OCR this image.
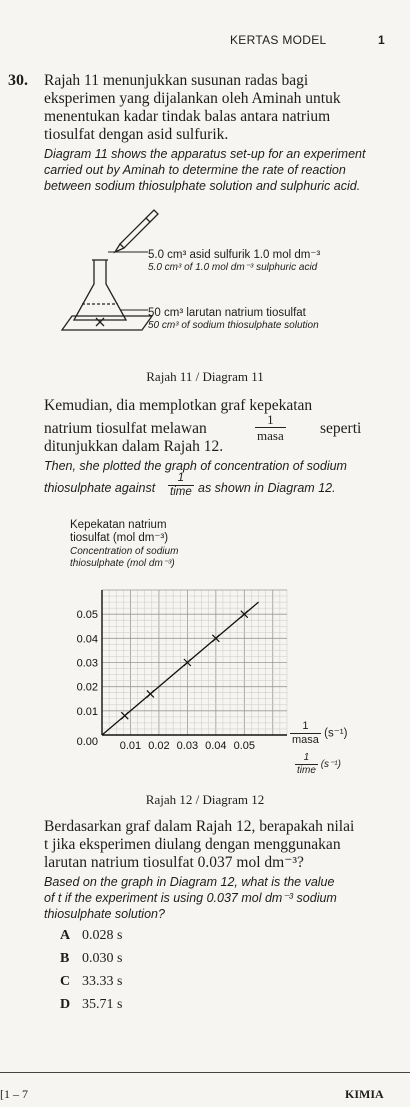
KERTAS MODEL	1
30. Rajah 11 menunjukkan susunan radas bagi
eksperimen yang dijalankan oleh Aminah untuk
menentukan kadar tindak balas antara natrium
tiosulfat dengan asid sulfurik.
Diagram 11 shows the apparatus set-up for an experiment
carried out by Aminah to determine the rate of reaction
between sodium thiosulphate solution and sulphuric acid.
5.0 cm³ asid sulfurik 1.0 mol dm⁻³
5.0 cm³ of 1.0 mol dm⁻³ sulphuric acid
50 cm³ larutan natrium tiosulfat
50 cm³ of sodium thiosulphate solution
Rajah 11 / Diagram 11
Kemudian, dia memplotkan graf kepekatan
natrium tiosulfat melawan	$\frac{1}{\text{masa}}$ seperti
ditunjukkan dalam Rajah 12.
Then, she plotted the graph of concentration of sodium
thiosulphate against $\frac{1}{\text{time}}$ as shown in Diagram 12.
Kepekatan natrium
tiosulfat (mol dm⁻³)
Concentration of sodium
thiosulphate (mol dm⁻³)
0.01 0.02 0.03 0.04 0.05
0.01
0.02
0.03
0.04
0.05
0.00	$\frac{1}{\text{masa}} (s^{-1})$
$\frac{1}{\text{time}} (s^{-1})$
Rajah 12 / Diagram 12
Berdasarkan graf dalam Rajah 12, berapakah nilai
t jika eksperimen diulang dengan menggunakan
larutan natrium tiosulfat 0.037 mol dm⁻³?
Based on the graph in Diagram 12, what is the value
of t if the experiment is using 0.037 mol dm⁻³ sodium
thiosulphate solution?
A 0.028 s
B 0.030 s
C 33.33 s
D 35.71 s
[1 – 7	KIMIA
